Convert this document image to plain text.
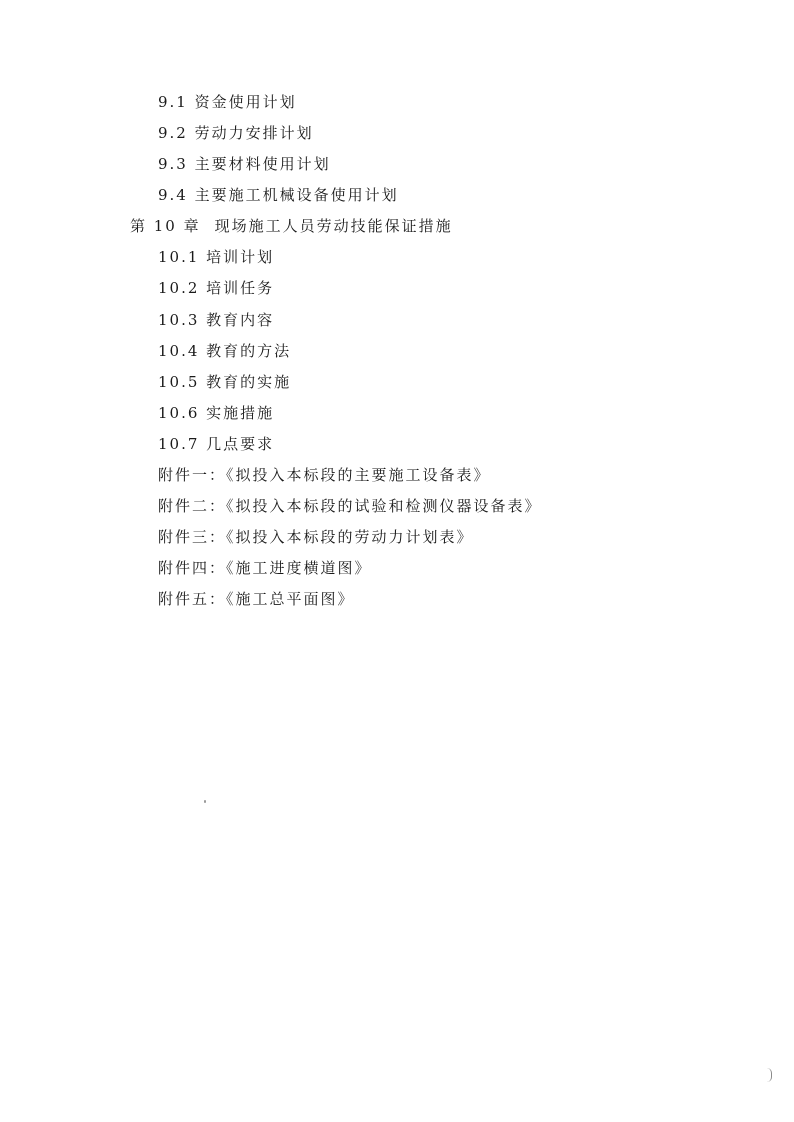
9.1 资金使用计划
9.2 劳动力安排计划
9.3 主要材料使用计划
9.4 主要施工机械设备使用计划
第 10 章 现场施工人员劳动技能保证措施
10.1 培训计划
10.2 培训任务
10.3 教育内容
10.4 教育的方法
10.5 教育的实施
10.6 实施措施
10.7 几点要求
附件一：《拟投入本标段的主要施工设备表》
附件二：《拟投入本标段的试验和检测仪器设备表》
附件三：《拟投入本标段的劳动力计划表》
附件四：《施工进度横道图》
附件五：《施工总平面图》
